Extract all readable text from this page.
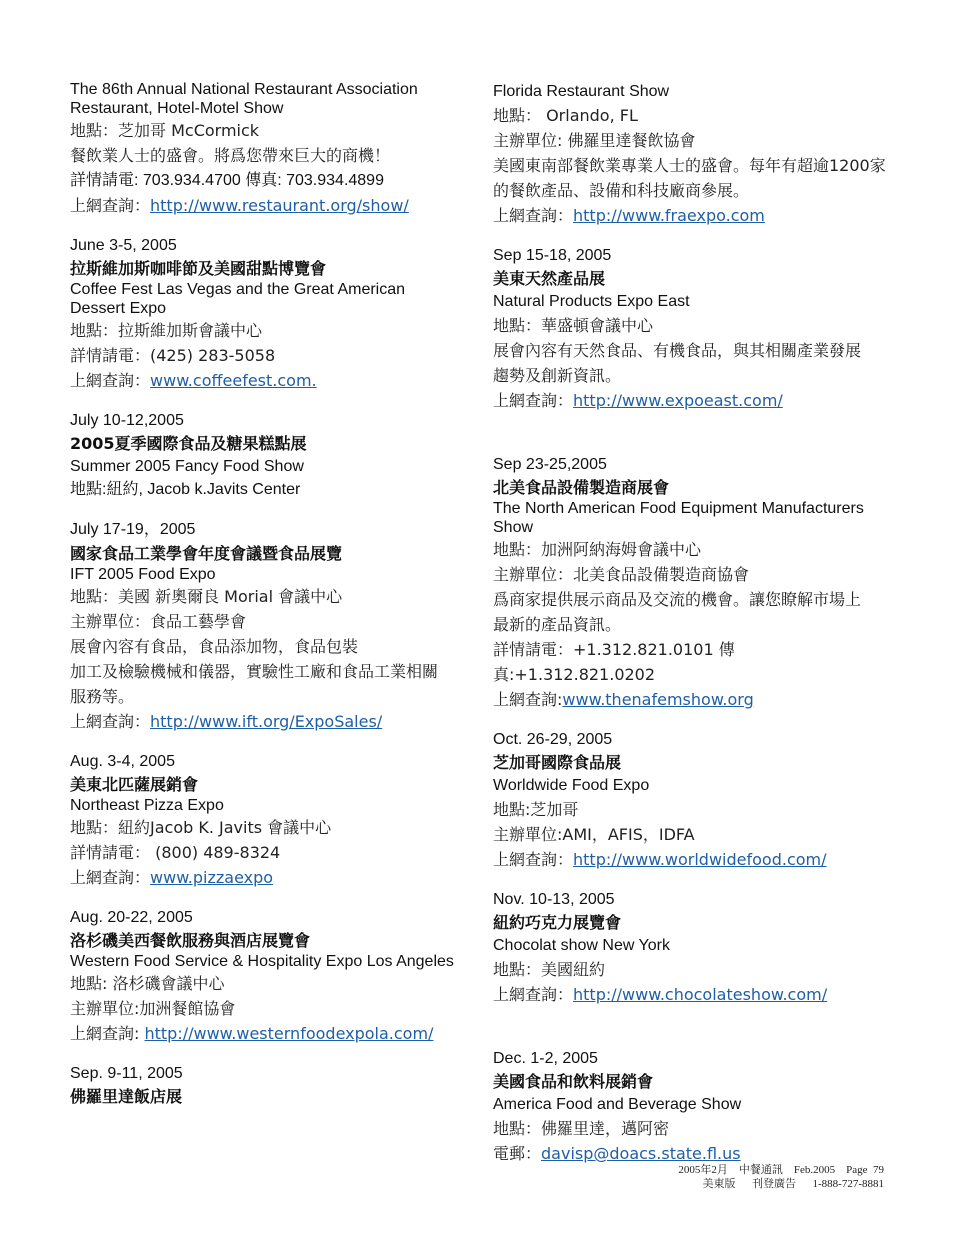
The 86th Annual National Restaurant Association Restaurant, Hotel-Motel Show

地點：芝加哥 McCormick

餐飲業人士的盛會。將爲您帶來巨大的商機！

詳情請電: 703.934.4700 傳真: 703.934.4899

上網查詢：http://www.restaurant.org/show/

June 3-5, 2005

拉斯維加斯咖啡節及美國甜點博覽會

Coffee Fest Las Vegas and the Great American Dessert Expo

地點：拉斯維加斯會議中心

詳情請電：(425) 283-5058

上網查詢：www.coffeefest.com.

July 10-12,2005

2005夏季國際食品及糖果糕點展

Summer 2005 Fancy Food Show

地點:紐約, Jacob k.Javits Center

July 17-19，2005

國家食品工業學會年度會議暨食品展覽

IFT 2005 Food Expo

地點：美國 新奧爾良 Morial 會議中心

主辦單位：食品工藝學會

展會內容有食品，食品添加物，食品包裝

加工及檢驗機械和儀器，實驗性工廠和食品工業相關

服務等。

上網查詢：http://www.ift.org/ExpoSales/

Aug. 3-4, 2005

美東北匹薩展銷會

Northeast Pizza Expo

地點：紐約Jacob K. Javits 會議中心

詳情請電： (800) 489-8324

上網查詢：www.pizzaexpo

Aug. 20-22, 2005

洛杉磯美西餐飲服務與酒店展覽會

Western Food Service & Hospitality Expo Los Angeles

地點: 洛杉磯會議中心

主辦單位:加洲餐館協會

上網查詢: http://www.westernfoodexpola.com/

Sep. 9-11, 2005

佛羅里達飯店展

Florida Restaurant Show

地點： Orlando, FL

主辦單位: 佛羅里達餐飲協會

美國東南部餐飲業專業人士的盛會。每年有超逾1200家

的餐飲產品、設備和科技廠商參展。

上網查詢：http://www.fraexpo.com

Sep 15-18, 2005

美東天然產品展

Natural Products Expo East

地點：華盛頓會議中心

展會內容有天然食品、有機食品，與其相關產業發展

趨勢及創新資訊。

上網查詢：http://www.expoeast.com/

Sep 23-25,2005

北美食品設備製造商展會

The North American Food Equipment Manufacturers Show

地點：加洲阿納海姆會議中心

主辦單位：北美食品設備製造商協會

爲商家提供展示商品及交流的機會。讓您瞭解市場上

最新的產品資訊。

詳情請電：+1.312.821.0101 傳真:+1.312.821.0202

上網查詢:www.thenafemshow.org

Oct. 26-29, 2005

芝加哥國際食品展

Worldwide Food Expo

地點:芝加哥

主辦單位:AMI，AFIS，IDFA

上網查詢：http://www.worldwidefood.com/

Nov. 10-13, 2005

紐約巧克力展覽會

Chocolat show New York

地點：美國紐約

上網查詢：http://www.chocolateshow.com/

Dec. 1-2, 2005

美國食品和飲料展銷會

America Food and Beverage Show

地點：佛羅里達，邁阿密

電郵：davisp@doacs.state.fl.us

2005年2月    中餐通訊    Feb.2005    Page  79
美東版      刊登廣告      1-888-727-8881
